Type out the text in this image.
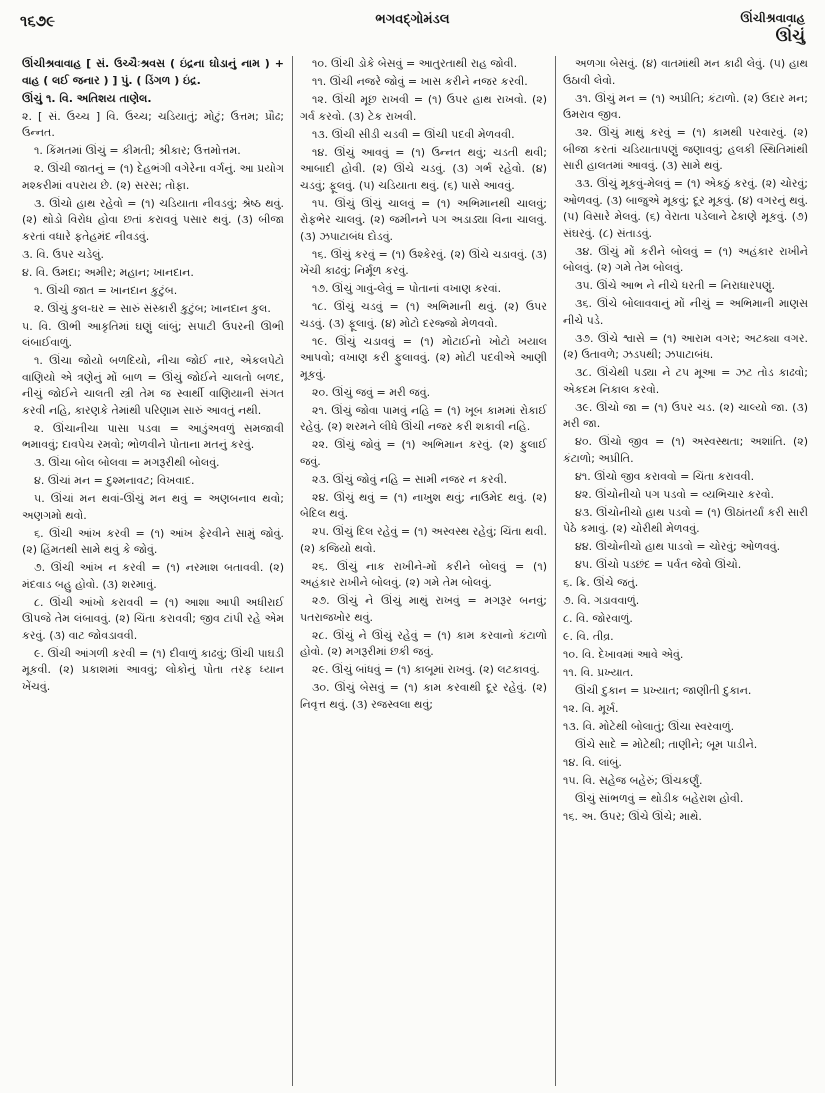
૧૬૭૯	ભગવદ્ગોમંડલ	ઊંચીશ્રવાવાહ
ઊંચું

ઊંચીશ્રવાવાહ [ સં. ઉચ્ચૈઃશ્રવસ ( ઇંદ્રના ઘોડાનું નામ ) + વાહ ( લઈ જનાર ) ] પું. ( ડિંગળ ) ઇંદ્ર.

ઊંચું ૧. વિ. અતિશય તાણેલ.

૨. [ સં. ઉચ્ચ ] વિ. ઉચ્ચ; ચડિયાતું; મોટું; ઉત્તમ; પ્રૌઢ; ઉન્નત.

૧. કિંમતમાં ઊંચું = કીમતી; શ્રીકાર; ઉત્તમોત્તમ.

૨. ઊંચી જાતનું = (૧) દેહભંગી વગેરેના વર્ગનું. આ પ્રયોગ મશ્કરીમાં વપરાય છે. (૨) સરસ; તોફા.

૩. ઊંચો હાથ રહેવો = (૧) ચડિયાતા નીવડવું; શ્રેષ્ઠ થવું. (૨) થોડો વિરોધ હોવા છતાં કરાવવું પસાર થવું. (૩) બીજા કરતાં વધારે ફતેહમંદ નીવડવું.

૩. વિ. ઉપર ચડેલું.

૪. વિ. ઉમદા; અમીર; મહાન; ખાનદાન.

૧. ઊંચી જાત = ખાનદાન કુટુંબ.

૨. ઊંચું કુલ-ઘર = સારું સંસ્કારી કુટુંબ; ખાનદાન કુલ.

૫. વિ. ઊભી આકૃતિમાં ઘણું લાંબું; સપાટી ઉપરની ઊભી લંબાઈવાળું.

૧. ઊંચા જોયો બળદિયો, નીચા જોઈ નાર, એકલપેટો વાણિયો એ ત્રણેનું મોં બાળ = ઊંચું જોઈને ચાલતો બળદ, નીચું જોઈને ચાલતી સ્ત્રી તેમ જ સ્વાર્થી વાણિયાની સંગત કરવી નહિ, કારણકે તેમાંથી પરિણામ સારું આવતું નથી.

૨. ઊંચાનીચા પાસા પડવા = આડુંઅવળું સમજાવી ભમાવવું; દાવપેચ રમવો; ભોળવીને પોતાના મતનું કરવું.

૩. ઊંચા બોલ બોલવા = મગરૂરીથી બોલવું.

૪. ઊંચાં મન = દુશ્મનાવટ; વિખવાદ.

૫. ઊંચાં મન થવાં-ઊંચું મન થવું = અણબનાવ થવો; અણગમો થવો.

૬. ઊંચી આંખ કરવી = (૧) આંખ ફેરવીને સામું જોવું. (૨) હિંમતથી સામે થવું કે જોવું.

૭. ઊંચી આંખ ન કરવી = (૧) નરમાશ બતાવવી. (૨) મંદવાડ બહુ હોવો. (૩) શરમાવું.

૮. ઊંચી આંખો કરાવવી = (૧) આશા આપી અધીરાઈ ઊપજે તેમ લંબાવવું. (૨) ચિંતા કરાવવી; જીવ ટાંપી રહે એમ કરવું. (૩) વાટ જોવડાવવી.

૯. ઊંચી આંગળી કરવી = (૧) દીવાળું કાઢવું; ઊંચી પાઘડી મૂકવી. (૨) પ્રકાશમાં આવવું; લોકોનું પોતા તરફ ધ્યાન ખેંચવું.

૧૦. ઊંચી ડોકે બેસવું = આતુરતાથી રાહ જોવી.

૧૧. ઊંચી નજરે જોવું = ખાસ કરીને નજર કરવી.

૧૨. ઊંચી મૂછ રાખવી = (૧) ઉપર હાથ રાખવો. (૨) ગર્વ કરવો. (૩) ટેક રાખવી.

૧૩. ઊંચી સીડી ચડવી = ઊંચી પદવી મેળવવી.

૧૪. ઊંચું આવવું = (૧) ઉન્નત થવું; ચડતી થવી; આબાદી હોવી. (૨) ઊંચે ચડવું. (૩) ગર્ભ રહેવો. (૪) ચડવું; ફૂલવું. (૫) ચડિયાતા થવું. (૬) પાસે આવવું.

૧૫. ઊંચું ઊંચું ચાલવું = (૧) અભિમાનથી ચાલવું; રોફભેર ચાલવું. (૨) જમીનને પગ અડાડ્યા વિના ચાલવું. (૩) ઝપાટાબંધ દોડવું.

૧૬. ઊંચું કરવું = (૧) ઉશ્કેરવું. (૨) ઊંચે ચડાવવું. (૩) ખેંચી કાઢવું; નિર્મૂળ કરવું.

૧૭. ઊંચું ગાવું-લેવું = પોતાનાં વખાણ કરવાં.

૧૮. ઊંચું ચડવું = (૧) અભિમાની થવું. (૨) ઉપર ચડવું. (૩) ફૂલાવું. (૪) મોટો દરજ્જો મેળવવો.

૧૯. ઊંચું ચડાવવું = (૧) મોટાઈનો ખોટો ખયાલ આપવો; વખાણ કરી ફુલાવવું. (૨) મોટી પદવીએ આણી મૂકવું.

૨૦. ઊંચું જવું = મરી જવું.

૨૧. ઊંચું જોવા પામવું નહિ = (૧) ખૂબ કામમાં રોકાઈ રહેવું. (૨) શરમને લીધે ઊંચી નજર કરી શકાવી નહિ.

૨૨. ઊંચું જોવું = (૧) અભિમાન કરવું. (૨) ફુલાઈ જવું.

૨૩. ઊંચું જોવું નહિ = સામી નજર ન કરવી.

૨૪. ઊંચું થવું = (૧) નાખુશ થવું; નાઉમેદ થવું. (૨) બેદિલ થવું.

૨૫. ઊંચું દિલ રહેવું = (૧) અસ્વસ્થ રહેવું; ચિંતા થવી. (૨) કજિયો થવો.

૨૬. ઊંચું નાક રાખીને-મોં કરીને બોલવું = (૧) અહંકાર રાખીને બોલવું. (૨) ગમે તેમ બોલવું.

૨૭. ઊંચું ને ઊંચું માથું રાખવું = મગરૂર બનવું; પતરાજખોર થવું.

૨૮. ઊંચું ને ઊંચું રહેવું = (૧) કામ કરવાનો કંટાળો હોવો. (૨) મગરૂરીમાં છકી જવું.

૨૯. ઊંચું બાંધવું = (૧) કાબૂમાં રાખવું. (૨) લટકાવવું.

૩૦. ઊંચું બેસવું = (૧) કામ કરવાથી દૂર રહેવું. (૨) નિવૃત્ત થવું. (૩) રજસ્વલા થવું;

અળગા બેસવું. (૪) વાતમાંથી મન કાઢી લેવું. (૫) હાથ ઉઠાવી લેવો.

૩૧. ઊંચું મન = (૧) અપ્રીતિ; કંટાળો. (૨) ઉદાર મન; ઉમરાવ જીવ.

૩૨. ઊંચું માથું કરવું = (૧) કામથી પરવારવું. (૨) બીજા કરતાં ચડિયાતાપણું જણાવવું; હલકી સ્થિતિમાંથી સારી હાલતમાં આવવું. (૩) સામે થવું.

૩૩. ઊંચું મૂકવું-મેલવું = (૧) એકઠું કરવું. (૨) ચોરવું; ઓળવવું. (૩) બાજુએ મૂકવું; દૂર મૂકવું. (૪) વગરનું થવું. (૫) વિસારે મેલવું. (૬) વેરાતા પડેલાને ઢેકાણે મૂકવું. (૭) સંઘરવું. (૮) સંતાડવું.

૩૪. ઊંચું મોં કરીને બોલવું = (૧) અહંકાર રાખીને બોલવું. (૨) ગમે તેમ બોલવું.

૩૫. ઊંચે આભ ને નીચે ધરતી = નિરાધારપણું.

૩૬. ઊંચે બોલાવવાનું મોં નીચું = અભિમાની માણસ નીચે પડે.

૩૭. ઊંચે શ્વાસે = (૧) આરામ વગર; અટક્યા વગર. (૨) ઉતાવળે; ઝડપથી; ઝપાટાબંધ.

૩૮. ઊંચેથી પડ્યા ને ટપ મૂઆ = ઝટ તોડ કાઢવો; એકદમ નિકાલ કરવો.

૩૯. ઊંચો જા = (૧) ઉપર ચડ. (૨) ચાલ્યો જા. (૩) મરી જા.

૪૦. ઊંચો જીવ = (૧) અસ્વસ્થતા; અશાંતિ. (૨) કંટાળો; અપ્રીતિ.

૪૧. ઊંચો જીવ કરાવવો = ચિંતા કરાવવી.

૪૨. ઊંચોનીચો પગ પડવો = વ્યભિચાર કરવો.

૪૩. ઊંચોનીચો હાથ પડવો = (૧) ઊઠાંતર્યાં કરી સારી પેઠે કમાવું. (૨) ચોરીથી મેળવવું.

૪૪. ઊંચોનીચો હાથ પાડવો = ચોરવું; ઓળવવું.

૪૫. ઊંચો પડછંદ = પર્વત જેવો ઊંચો.

૬. ક્રિ. ઊંચે જતું.

૭. વિ. ગડાવવાળું.

૮. વિ. જોરવાળું.

૯. વિ. તીવ્ર.

૧૦. વિ. દેખાવમાં આવે એવું.

૧૧. વિ. પ્રખ્યાત.

ઊંચી દુકાન = પ્રખ્યાત; જાણીતી દુકાન.

૧૨. વિ. મૂર્ખ.

૧૩. વિ. મોટેથી બોલાતું; ઊંચા સ્વરવાળું.

ઊંચે સાદે = મોટેથી; તાણીને; બૂમ પાડીને.

૧૪. વિ. લાંબું.

૧૫. વિ. સહેજ બહેરું; ઊંચકર્ણું.

ઊંચું સાંભળવું = થોડીક બહેરાશ હોવી.

૧૬. અ. ઉપર; ઊંચે ઊંચે; માથે.
